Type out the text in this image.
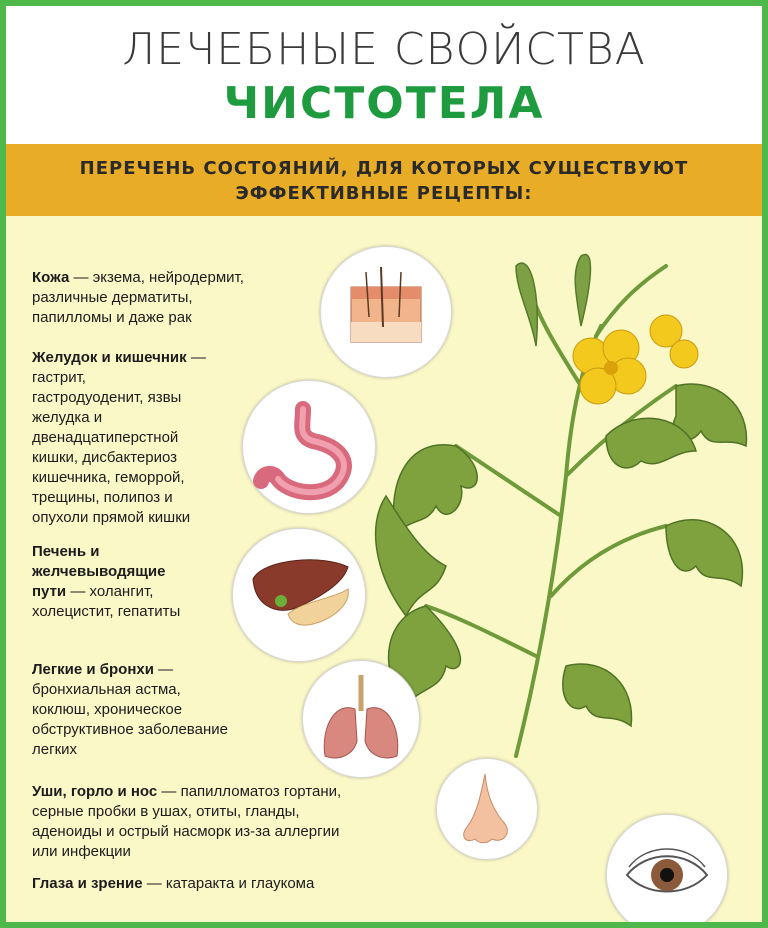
ЛЕЧЕБНЫЕ СВОЙСТВА
ЧИСТОТЕЛА
ПЕРЕЧЕНЬ СОСТОЯНИЙ, ДЛЯ КОТОРЫХ СУЩЕСТВУЮТ
ЭФФЕКТИВНЫЕ РЕЦЕПТЫ:
Кожа — экзема, нейродермит,
различные дерматиты,
папилломы и даже рак
Желудок и кишечник —
гастрит,
гастродуоденит, язвы
желудка и
двенадцатиперстной
кишки, дисбактериоз
кишечника, геморрой,
трещины, полипоз и
опухоли прямой кишки
Печень и
желчевыводящие
пути — холангит,
холецистит, гепатиты
Легкие и бронхи —
бронхиальная астма,
коклюш, хроническое
обструктивное заболевание
легких
Уши, горло и нос — папилломатоз гортани,
серные пробки в ушах, отиты, гланды,
аденоиды и острый насморк из-за аллергии
или инфекции
Глаза и зрение — катаракта и глаукома
